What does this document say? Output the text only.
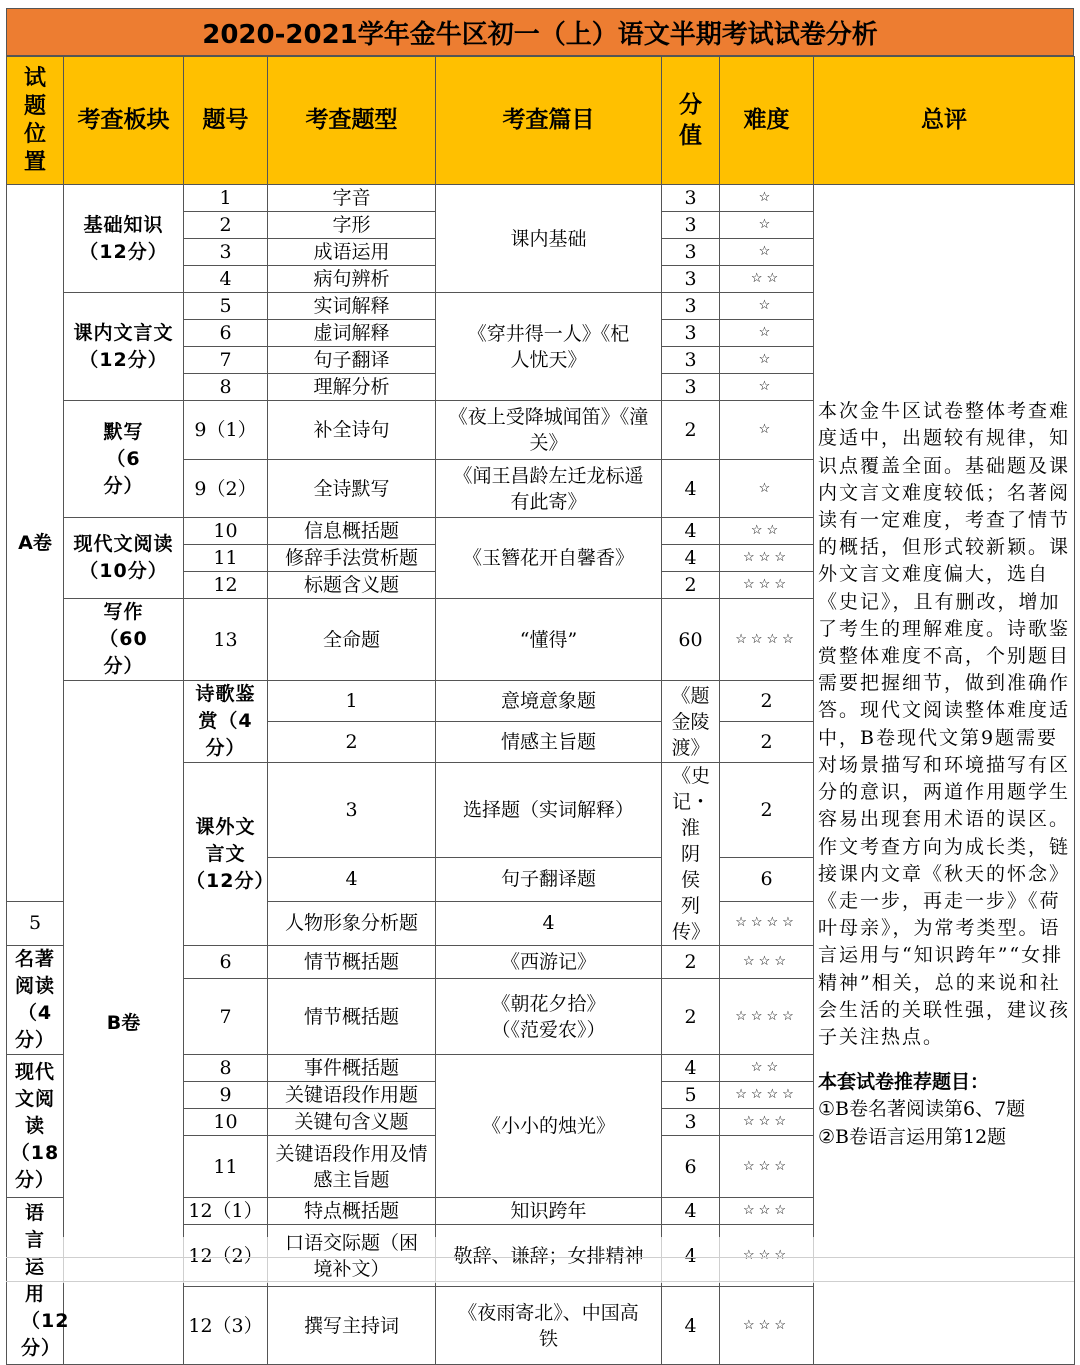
2020-2021学年金牛区初一（上）语文半期考试试卷分析
试题位置	考查板块	题号	考查题型	考查篇目	分值	难度	总评	
A卷	基础知识（12分）	1	字音	课内基础	3	☆	本次金牛区试卷整体考查难度适中，出题较有规律，知识点覆盖全面。基础题及课内文言文难度较低；名著阅读有一定难度，考查了情节的概括，但形式较新颖。课外文言文难度偏大，选自《史记》，且有删改，增加了考生的理解难度。诗歌鉴赏整体难度不高，个别题目需要把握细节，做到准确作答。现代文阅读整体难度适中，B卷现代文第9题需要对场景描写和环境描写有区分的意识，两道作用题学生容易出现套用术语的误区。作文考查方向为成长类，链接课内文章《秋天的怀念》《走一步，再走一步》《荷叶母亲》，为常考类型。语言运用与“知识跨年”“女排精神”相关，总的来说和社会生活的关联性强，建议孩子关注热点。
本套试卷推荐题目：
①B卷名著阅读第6、7题
②B卷语言运用第12题	

		2	字形		3	☆		
		3	成语运用		3	☆		
		4	病句辨析		3	☆☆		
	课内文言文（12分）	5	实词解释	《穿井得一人》《杞人忧天》	3	☆		
		6	虚词解释		3	☆		
		7	句子翻译		3	☆		
		8	理解分析		3	☆		
	默写（6分）	9（1）	补全诗句	《夜上受降城闻笛》《潼关》	2	☆		
		9（2）	全诗默写	《闻王昌龄左迁龙标遥有此寄》	4	☆		
	现代文阅读（10分）	10	信息概括题	《玉簪花开自馨香》	4	☆☆		
		11	修辞手法赏析题		4	☆☆☆		
		12	标题含义题		2	☆☆☆		
	写作（60分）	13	全命题	“懂得”	60	☆☆☆☆		
	B卷	诗歌鉴赏（4分）	1	意境意象题	《题金陵渡》	2	
			2	情感主旨题		2	
		课外文言文（12分）	3	选择题（实词解释）	《史记・淮阴侯列传》	2	
			4	句子翻译题		6	
5			人物形象分析题	4		☆☆☆☆		
名著阅读（4分）		6	情节概括题	《西游记》	2	☆☆☆		
		7	情节概括题	《朝花夕拾》（《范爱农》）	2	☆☆☆☆		
现代文阅读（18分）		8	事件概括题	《小小的烛光》	4	☆☆		
		9	关键语段作用题		5	☆☆☆☆		
		10	关键句含义题		3	☆☆☆		
		11	关键语段作用及情感主旨题		6	☆☆☆		
语言运用（12分）		12（1）	特点概括题	知识跨年	4	☆☆☆		
		12（2）	口语交际题（困境补文）	敬辞、谦辞；女排精神	4	☆☆☆		
		12（3）	撰写主持词	《夜雨寄北》、中国高铁	4	☆☆☆		
